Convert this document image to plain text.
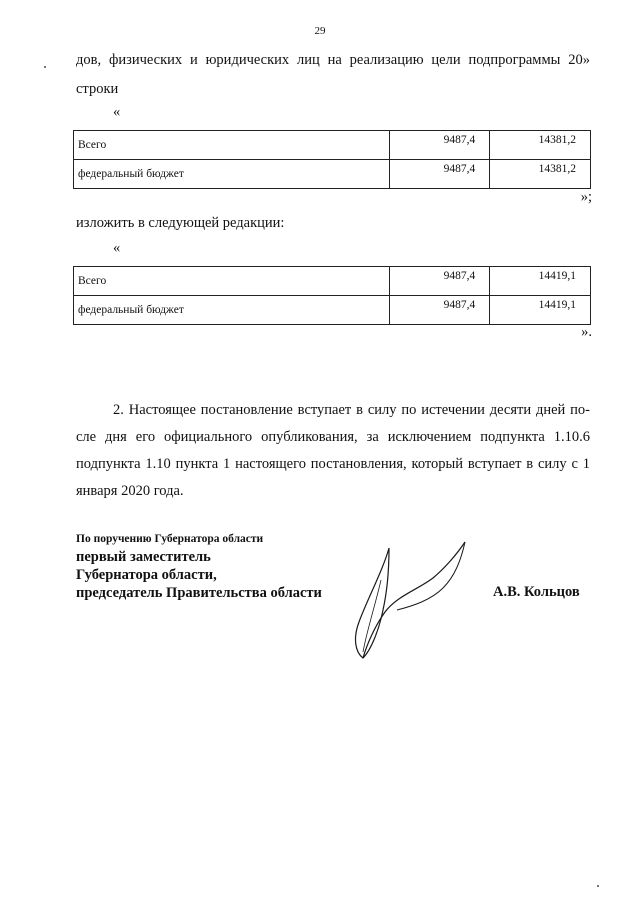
29
дов, физических и юридических лиц на реализацию цели подпрограммы 20»
строки
«
Всего	9487,4	14381,2
федеральный бюджет	9487,4	14381,2
»;
изложить в следующей редакции:
«
Всего	9487,4	14419,1
федеральный бюджет	9487,4	14419,1
».
2. Настоящее постановление вступает в силу по истечении десяти дней по-
сле дня его официального опубликования, за исключением подпункта 1.10.6
подпункта 1.10 пункта 1 настоящего постановления, который вступает в силу с 1
января 2020 года.
По поручению Губернатора области
первый заместитель
Губернатора области,
председатель Правительства области	А.В. Кольцов
